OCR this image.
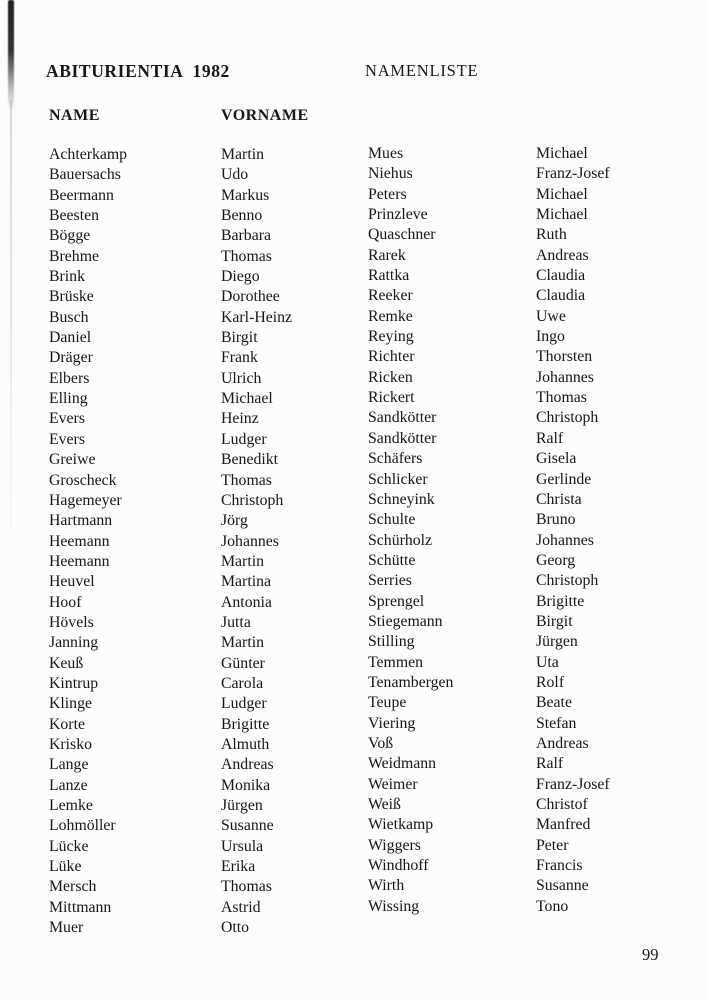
ABITURIENTIA  1982	NAMENLISTE
NAME	VORNAME
Achterkamp	Martin
Bauersachs	Udo
Beermann	Markus
Beesten	Benno
Bögge	Barbara
Brehme	Thomas
Brink	Diego
Brüske	Dorothee
Busch	Karl-Heinz
Daniel	Birgit
Dräger	Frank
Elbers	Ulrich
Elling	Michael
Evers	Heinz
Evers	Ludger
Greiwe	Benedikt
Groscheck	Thomas
Hagemeyer	Christoph
Hartmann	Jörg
Heemann	Johannes
Heemann	Martin
Heuvel	Martina
Hoof	Antonia
Hövels	Jutta
Janning	Martin
Keuß	Günter
Kintrup	Carola
Klinge	Ludger
Korte	Brigitte
Krisko	Almuth
Lange	Andreas
Lanze	Monika
Lemke	Jürgen
Lohmöller	Susanne
Lücke	Ursula
Lüke	Erika
Mersch	Thomas
Mittmann	Astrid
Muer	Otto
Mues	Michael
Niehus	Franz-Josef
Peters	Michael
Prinzleve	Michael
Quaschner	Ruth
Rarek	Andreas
Rattka	Claudia
Reeker	Claudia
Remke	Uwe
Reying	Ingo
Richter	Thorsten
Ricken	Johannes
Rickert	Thomas
Sandkötter	Christoph
Sandkötter	Ralf
Schäfers	Gisela
Schlicker	Gerlinde
Schneyink	Christa
Schulte	Bruno
Schürholz	Johannes
Schütte	Georg
Serries	Christoph
Sprengel	Brigitte
Stiegemann	Birgit
Stilling	Jürgen
Temmen	Uta
Tenambergen	Rolf
Teupe	Beate
Viering	Stefan
Voß	Andreas
Weidmann	Ralf
Weimer	Franz-Josef
Weiß	Christof
Wietkamp	Manfred
Wiggers	Peter
Windhoff	Francis
Wirth	Susanne
Wissing	Tono
99
